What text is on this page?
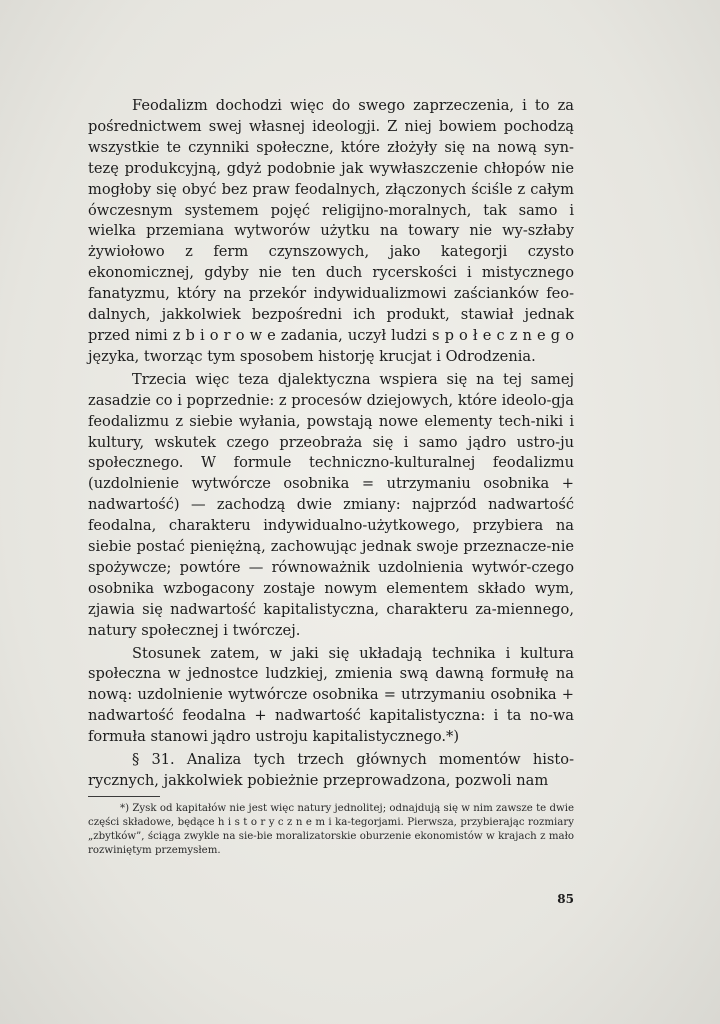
Feodalizm dochodzi więc do swego zaprzeczenia, i to za pośrednictwem swej własnej ideologji. Z niej bowiem pochodzą wszystkie te czynniki społeczne, które złożyły się na nową syn-tezę produkcyjną, gdyż podobnie jak wywłaszczenie chłopów nie mogłoby się obyć bez praw feodalnych, złączonych ściśle z całym ówczesnym systemem pojęć religijno-moralnych, tak samo i wielka przemiana wytworów użytku na towary nie wy-szłaby żywiołowo z ferm czynszowych, jako kategorji czysto ekonomicznej, gdyby nie ten duch rycerskości i mistycznego fanatyzmu, który na przekór indywidualizmowi zaścianków feo-dalnych, jakkolwiek bezpośredni ich produkt, stawiał jednak przed nimi z b i o r o w e zadania, uczył ludzi s p o ł e c z n e g o języka, tworząc tym sposobem historję krucjat i Odrodzenia.

Trzecia więc teza djalektyczna wspiera się na tej samej zasadzie co i poprzednie: z procesów dziejowych, które ideolo-gja feodalizmu z siebie wyłania, powstają nowe elementy tech-niki i kultury, wskutek czego przeobraża się i samo jądro ustro-ju społecznego. W formule techniczno-kulturalnej feodalizmu (uzdolnienie wytwórcze osobnika = utrzymaniu osobnika + nadwartość) — zachodzą dwie zmiany: najprzód nadwartość feodalna, charakteru indywidualno-użytkowego, przybiera na siebie postać pieniężną, zachowując jednak swoje przeznacze-nie spożywcze; powtóre — równoważnik uzdolnienia wytwór-czego osobnika wzbogacony zostaje nowym elementem składo wym, zjawia się nadwartość kapitalistyczna, charakteru za-miennego, natury społecznej i twórczej.

Stosunek zatem, w jaki się układają technika i kultura społeczna w jednostce ludzkiej, zmienia swą dawną formułę na nową: uzdolnienie wytwórcze osobnika = utrzymaniu osobnika + nadwartość feodalna + nadwartość kapitalistyczna: i ta no-wa formuła stanowi jądro ustroju kapitalistycznego.*)

§ 31. Analiza tych trzech głównych momentów histo-rycznych, jakkolwiek pobieżnie przeprowadzona, pozwoli nam

*) Zysk od kapitałów nie jest więc natury jednolitej; odnajdują się w nim zawsze te dwie części składowe, będące h i s t o r y c z n e m i ka-tegorjami. Pierwsza, przybierając rozmiary „zbytków”, ściąga zwykle na sie-bie moralizatorskie oburzenie ekonomistów w krajach z mało rozwiniętym przemysłem.

85
